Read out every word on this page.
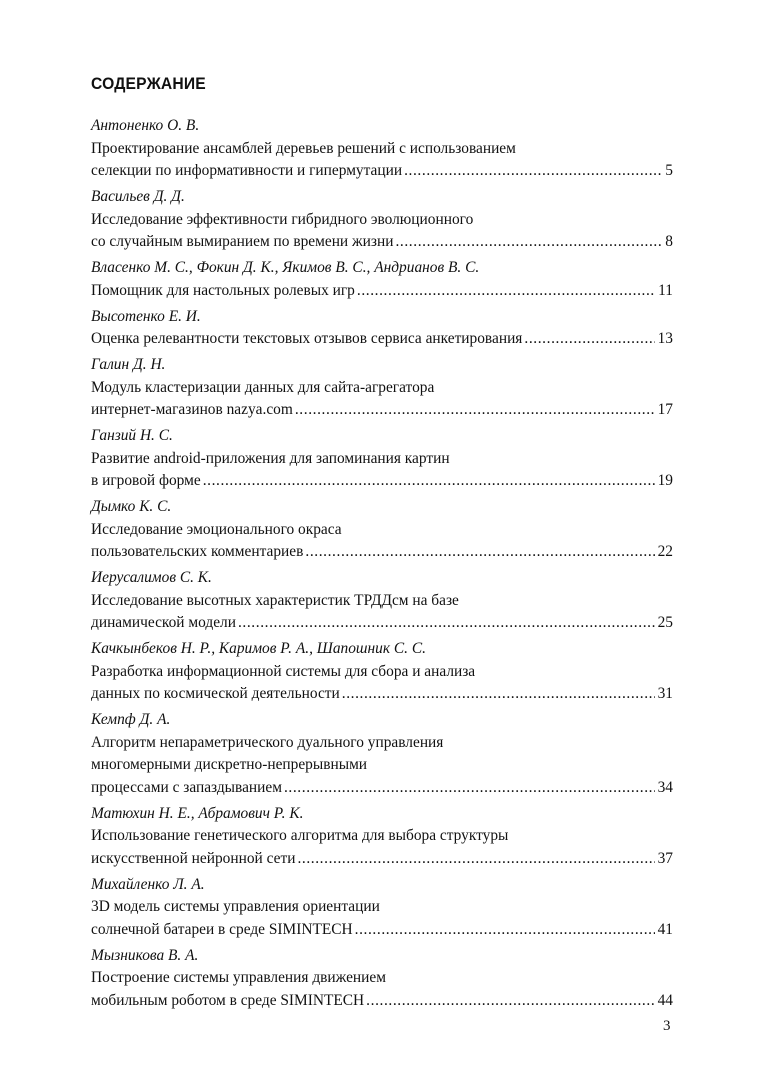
СОДЕРЖАНИЕ
Антоненко О. В.
Проектирование ансамблей деревьев решений с использованием
селекции по информативности и гипермутации .....	5
Васильев Д. Д.
Исследование эффективности гибридного эволюционного
со случайным вымиранием по времени жизни .....	8
Власенко М. С., Фокин Д. К., Якимов В. С., Андрианов В. С.
Помощник для настольных ролевых игр .....	11
Высотенко Е. И.
Оценка релевантности текстовых отзывов сервиса анкетирования .....	13
Галин Д. Н.
Модуль кластеризации данных для сайта-агрегатора
интернет-магазинов nazya.com .....	17
Ганзий Н. С.
Развитие android-приложения для запоминания картин
в игровой форме .....	19
Дымко К. С.
Исследование эмоционального окраса
пользовательских комментариев .....	22
Иерусалимов С. К.
Исследование высотных характеристик ТРДДсм на базе
динамической модели .....	25
Качкынбеков Н. Р., Каримов Р. А., Шапошник С. С.
Разработка информационной системы для сбора и анализа
данных по космической деятельности .....	31
Кемпф Д. А.
Алгоритм непараметрического дуального управления
многомерными дискретно-непрерывными
процессами с запаздыванием .....	34
Матюхин Н. Е., Абрамович Р. К.
Использование генетического алгоритма для выбора структуры
искусственной нейронной сети .....	37
Михайленко Л. А.
3D модель системы управления ориентации
солнечной батареи в среде SIMINTECH .....	41
Мызникова В. А.
Построение системы управления движением
мобильным роботом в среде SIMINTECH .....	44
3
